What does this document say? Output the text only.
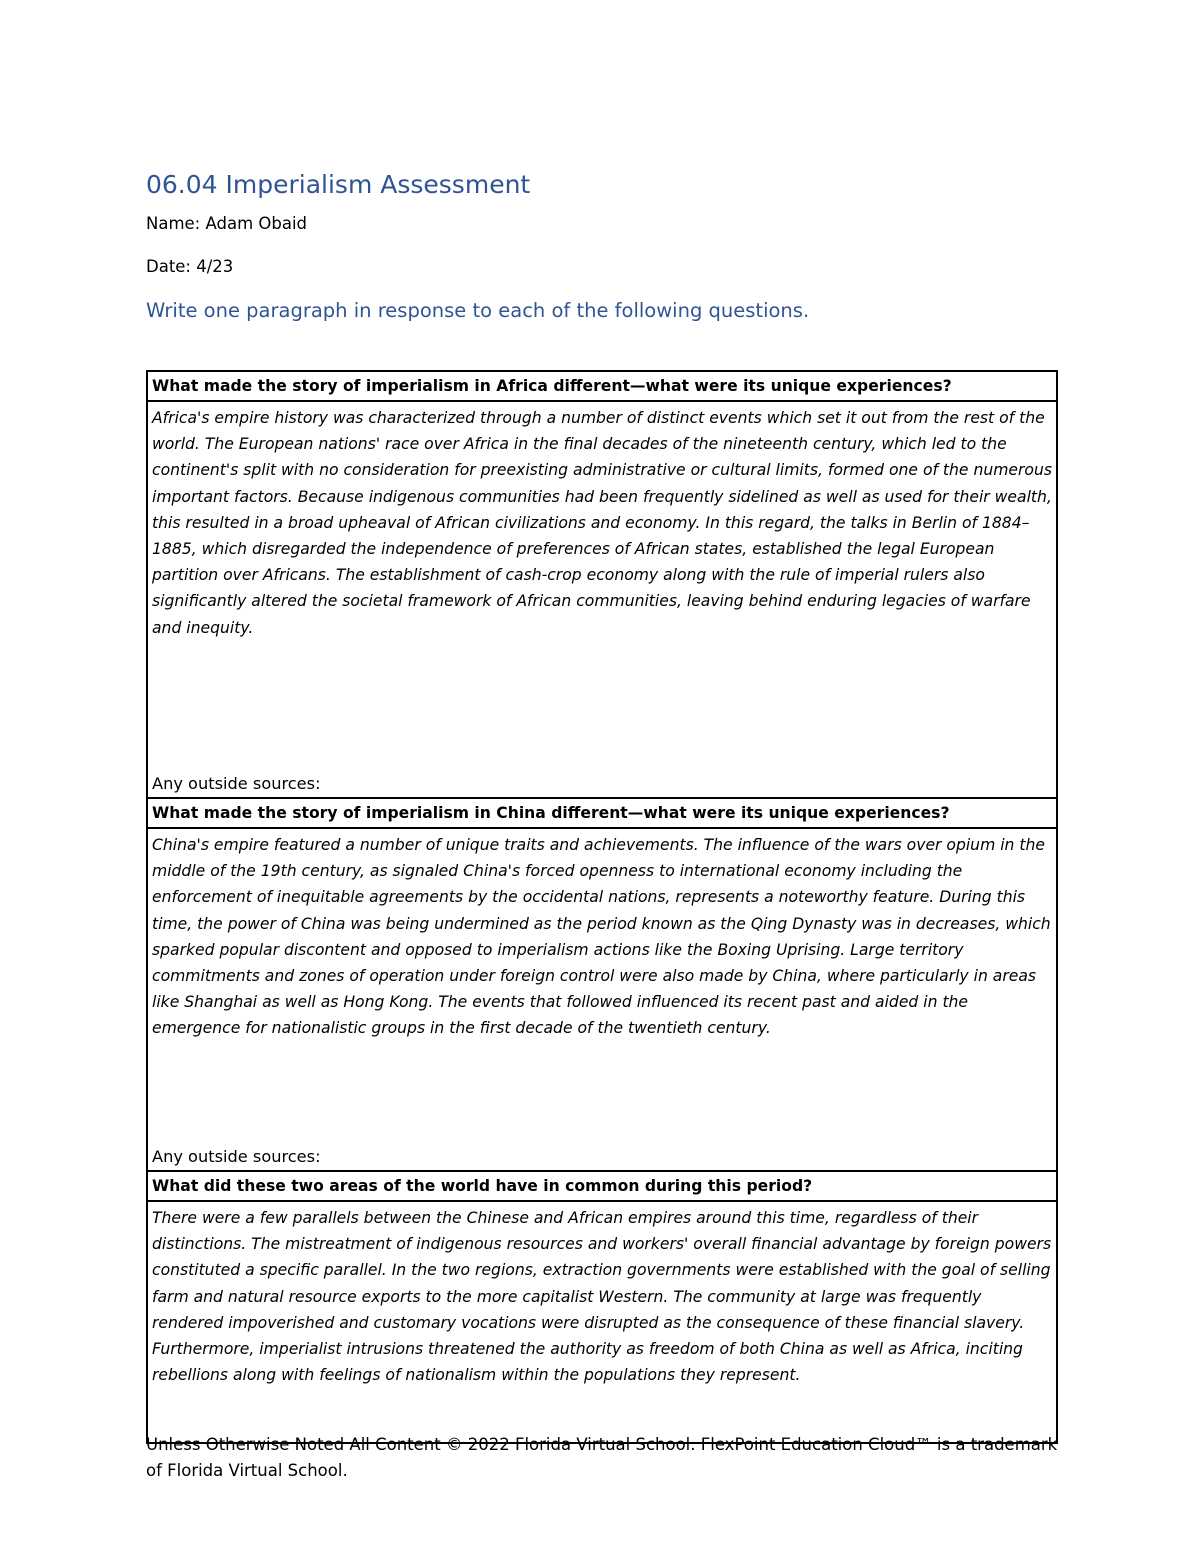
06.04 Imperialism Assessment

Name: Adam Obaid

Date: 4/23

Write one paragraph in response to each of the following questions.
What made the story of imperialism in Africa different—what were its unique experiences?

Africa's empire history was characterized through a number of distinct events which set it out from the rest of the world. The European nations' race over Africa in the final decades of the nineteenth century, which led to the continent's split with no consideration for preexisting administrative or cultural limits, formed one of the numerous important factors. Because indigenous communities had been frequently sidelined as well as used for their wealth, this resulted in a broad upheaval of African civilizations and economy. In this regard, the talks in Berlin of 1884–1885, which disregarded the independence of preferences of African states, established the legal European partition over Africans. The establishment of cash-crop economy along with the rule of imperial rulers also significantly altered the societal framework of African communities, leaving behind enduring legacies of warfare and inequity.

Any outside sources:
What made the story of imperialism in China different—what were its unique experiences?

China's empire featured a number of unique traits and achievements. The influence of the wars over opium in the middle of the 19th century, as signaled China's forced openness to international economy including the enforcement of inequitable agreements by the occidental nations, represents a noteworthy feature. During this time, the power of China was being undermined as the period known as the Qing Dynasty was in decreases, which sparked popular discontent and opposed to imperialism actions like the Boxing Uprising. Large territory commitments and zones of operation under foreign control were also made by China, where particularly in areas like Shanghai as well as Hong Kong. The events that followed influenced its recent past and aided in the emergence for nationalistic groups in the first decade of the twentieth century.

Any outside sources:
What did these two areas of the world have in common during this period?

There were a few parallels between the Chinese and African empires around this time, regardless of their distinctions. The mistreatment of indigenous resources and workers' overall financial advantage by foreign powers constituted a specific parallel. In the two regions, extraction governments were established with the goal of selling farm and natural resource exports to the more capitalist Western. The community at large was frequently rendered impoverished and customary vocations were disrupted as the consequence of these financial slavery. Furthermore, imperialist intrusions threatened the authority as freedom of both China as well as Africa, inciting rebellions along with feelings of nationalism within the populations they represent.

Unless Otherwise Noted All Content © 2022 Florida Virtual School. FlexPoint Education Cloud™ is a trademark of Florida Virtual School.
